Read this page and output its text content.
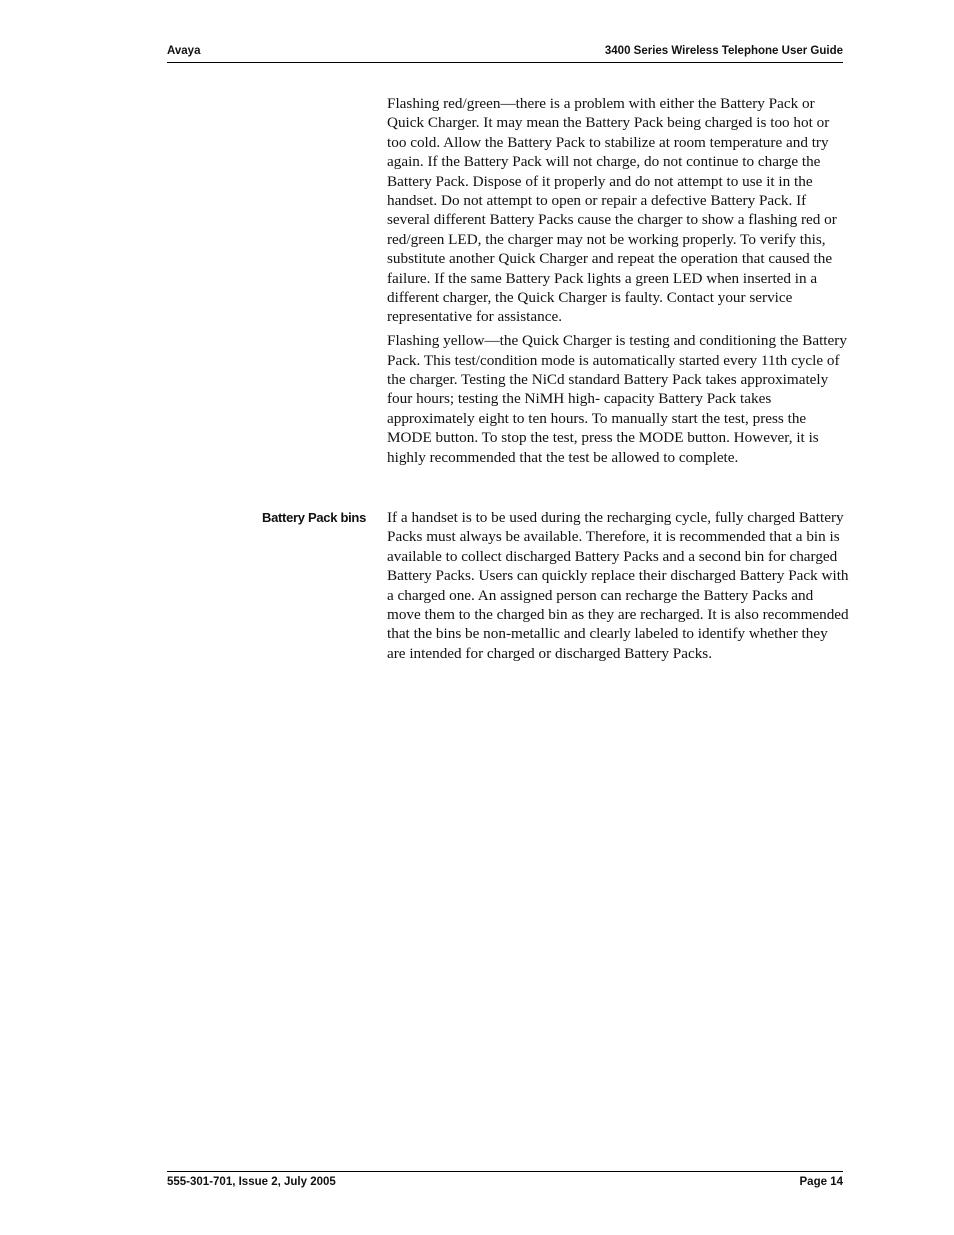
Avaya	3400 Series Wireless Telephone User Guide

Flashing red/green—there is a problem with either the Battery Pack or Quick Charger. It may mean the Battery Pack being charged is too hot or too cold. Allow the Battery Pack to stabilize at room temperature and try again. If the Battery Pack will not charge, do not continue to charge the Battery Pack. Dispose of it properly and do not attempt to use it in the handset. Do not attempt to open or repair a defective Battery Pack. If several different Battery Packs cause the charger to show a flashing red or red/green LED, the charger may not be working properly. To verify this, substitute another Quick Charger and repeat the operation that caused the failure. If the same Battery Pack lights a green LED when inserted in a different charger, the Quick Charger is faulty. Contact your service representative for assistance.

Flashing yellow—the Quick Charger is testing and conditioning the Battery Pack. This test/condition mode is automatically started every 11th cycle of the charger. Testing the NiCd standard Battery Pack takes approximately four hours; testing the NiMH high- capacity Battery Pack takes approximately eight to ten hours. To manually start the test, press the MODE button. To stop the test, press the MODE button. However, it is highly recommended that the test be allowed to complete.

Battery Pack bins If a handset is to be used during the recharging cycle, fully charged Battery Packs must always be available. Therefore, it is recommended that a bin is available to collect discharged Battery Packs and a second bin for charged Battery Packs. Users can quickly replace their discharged Battery Pack with a charged one. An assigned person can recharge the Battery Packs and move them to the charged bin as they are recharged. It is also recommended that the bins be non-metallic and clearly labeled to identify whether they are intended for charged or discharged Battery Packs.

555-301-701, Issue 2, July 2005	Page 14
